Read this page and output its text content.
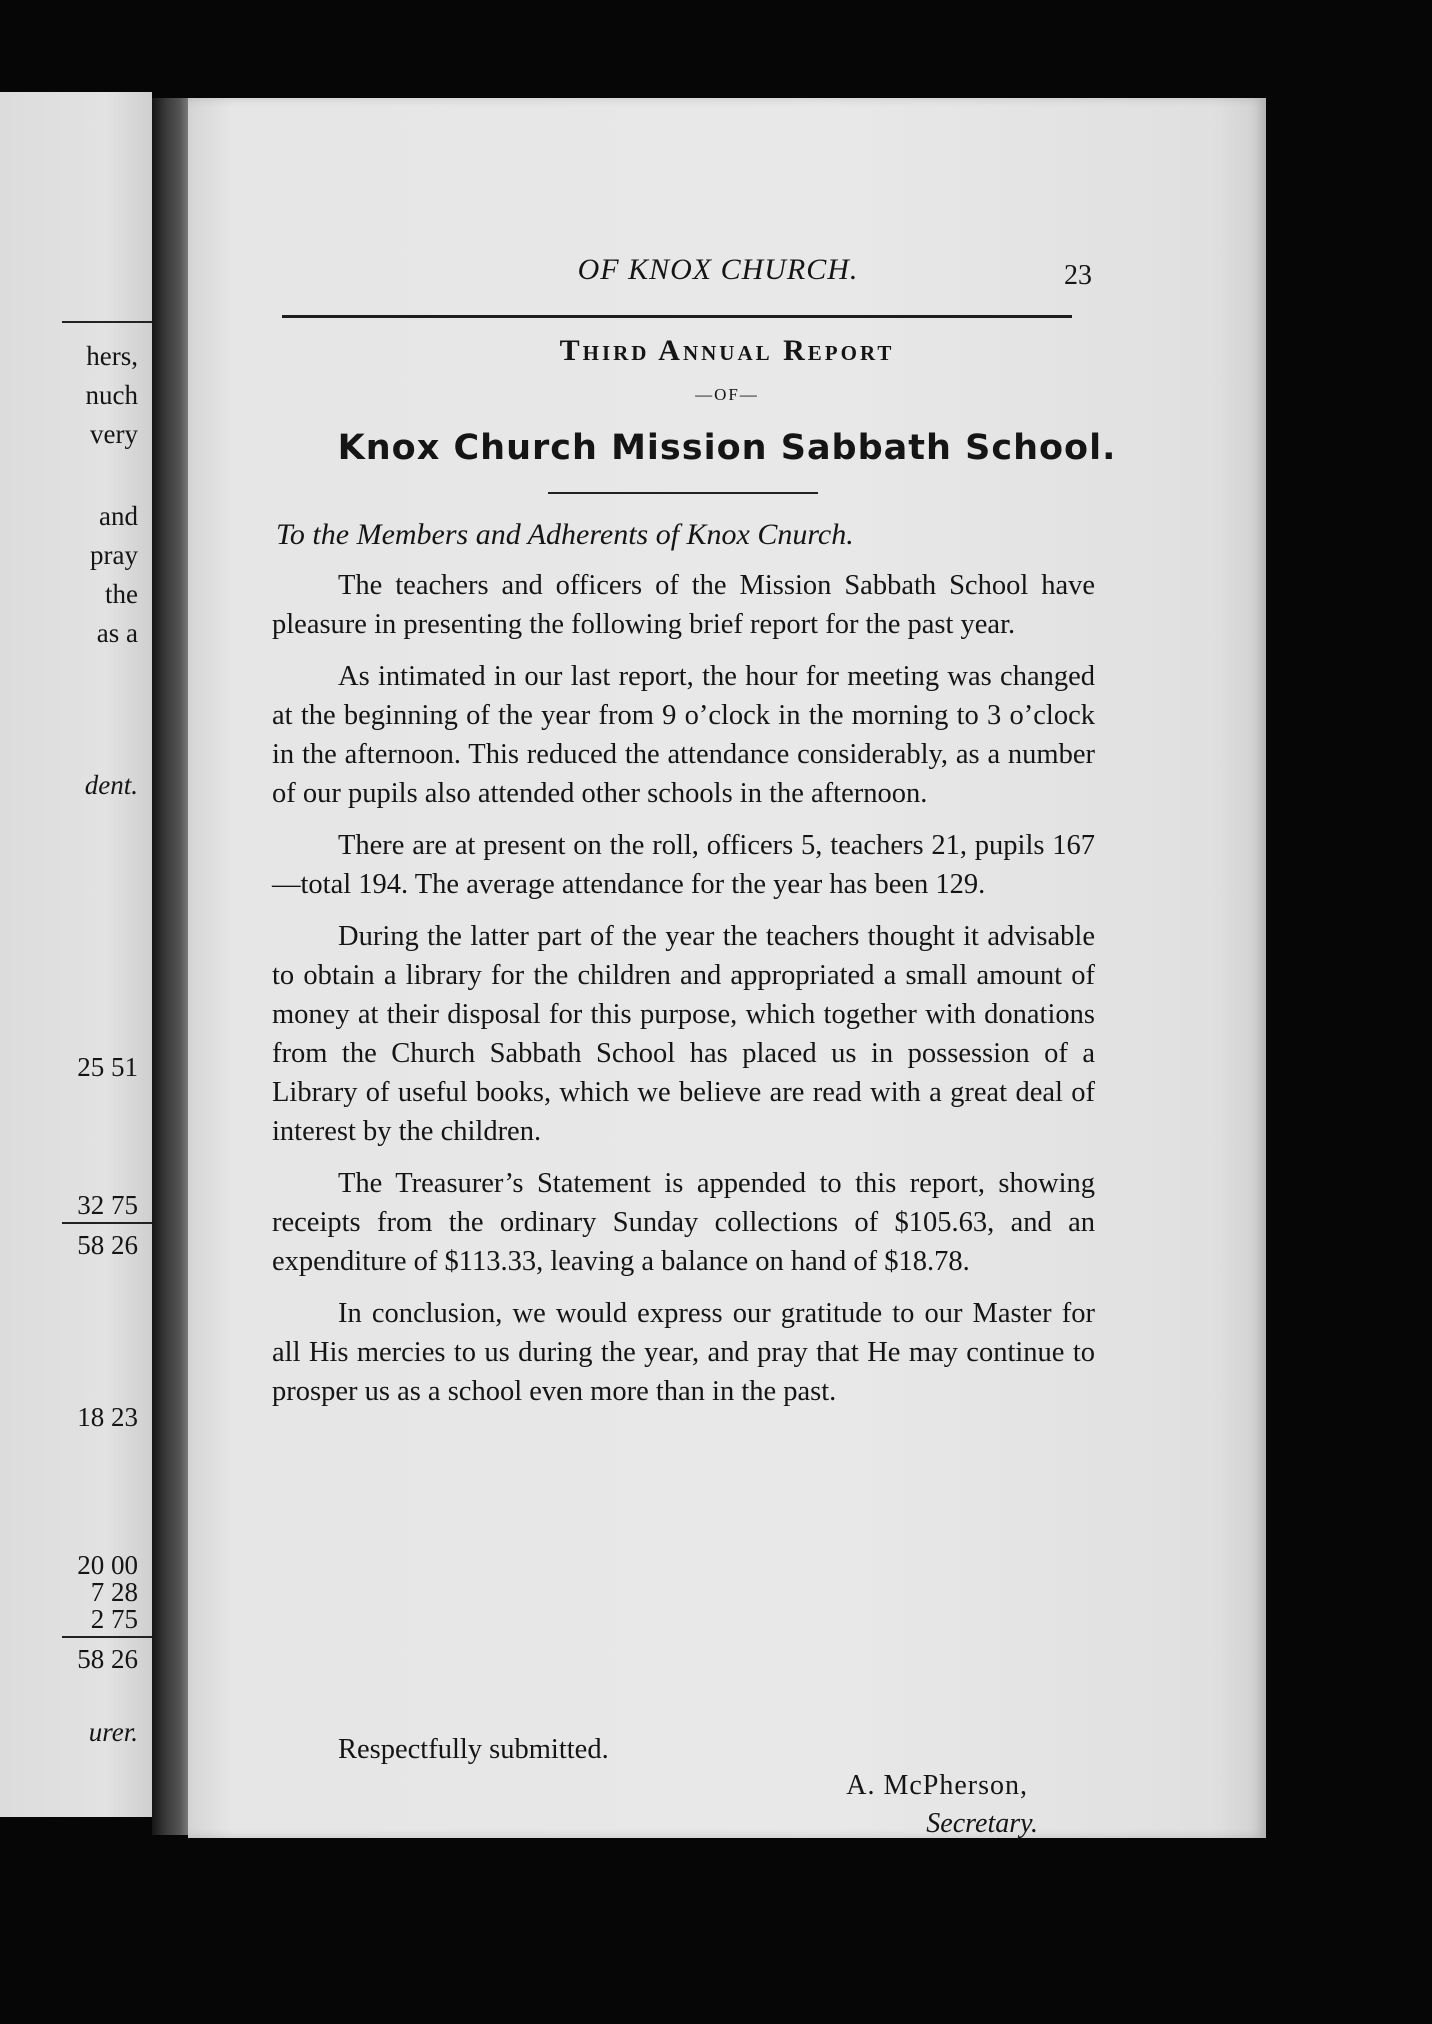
hers,
nuch
very
and
pray
the
as a
dent.
25 51
32 75
58 26
18 23
20 00
7 28
2 75
58 26
urer.
OF KNOX CHURCH.	23
Third Annual Report
—OF—
Knox Church Mission Sabbath School.
To the Members and Adherents of Knox Cnurch.

The teachers and officers of the Mission Sabbath School have pleasure in presenting the following brief report for the past year.

As intimated in our last report, the hour for meeting was changed at the beginning of the year from 9 o’clock in the morning to 3 o’clock in the afternoon. This reduced the attendance considerably, as a number of our pupils also attended other schools in the afternoon.

There are at present on the roll, officers 5, teachers 21, pupils 167—total 194. The average attendance for the year has been 129.

During the latter part of the year the teachers thought it advisable to obtain a library for the children and appropriated a small amount of money at their disposal for this purpose, which together with donations from the Church Sabbath School has placed us in possession of a Library of useful books, which we believe are read with a great deal of interest by the children.

The Treasurer’s Statement is appended to this report, showing receipts from the ordinary Sunday collections of $105.63, and an expenditure of $113.33, leaving a balance on hand of $18.78.

In conclusion, we would express our gratitude to our Master for all His mercies to us during the year, and pray that He may continue to prosper us as a school even more than in the past.

Respectfully submitted.
A. McPherson,
Secretary.
